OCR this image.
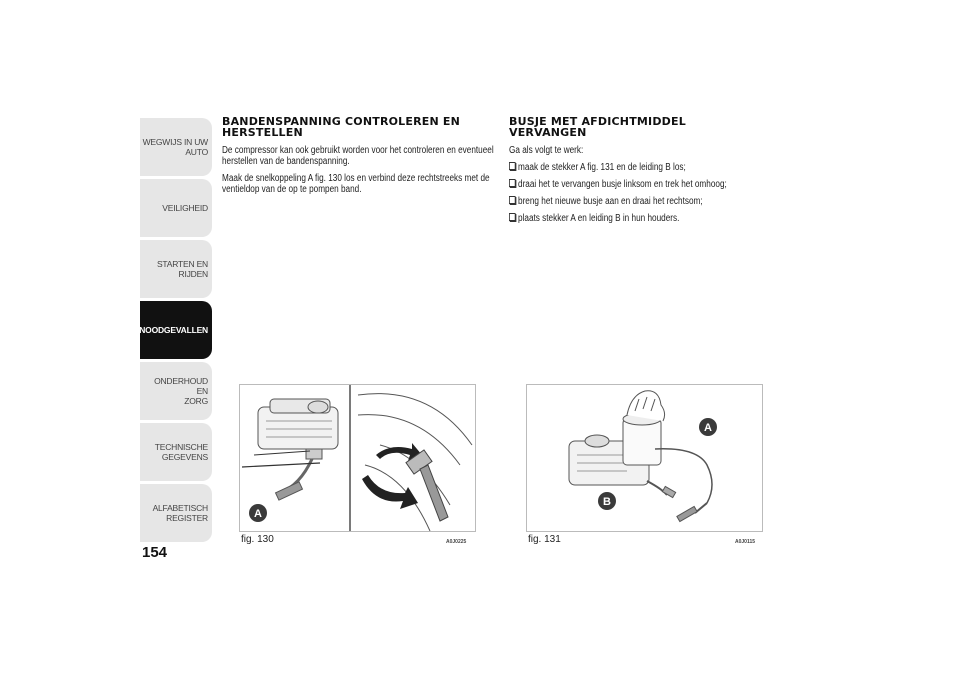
WEGWIJS IN UW
AUTO
VEILIGHEID
STARTEN EN RIJDEN
NOODGEVALLEN
ONDERHOUD EN
ZORG
TECHNISCHE
GEGEVENS
ALFABETISCH
REGISTER
154
BANDENSPANNING CONTROLEREN EN
HERSTELLEN
De compressor kan ook gebruikt worden voor het controleren en eventueel herstellen van de bandenspanning.
Maak de snelkoppeling A fig. 130 los en verbind deze rechtstreeks met de ventieldop van de op te pompen band.
BUSJE MET AFDICHTMIDDEL
VERVANGEN
Ga als volgt te werk:
maak de stekker A fig. 131 en de leiding B los;
draai het te vervangen busje linksom en trek het omhoog;
breng het nieuwe busje aan en draai het rechtsom;
plaats stekker A en leiding B in hun houders.
A
fig. 130	A0J0225
A
B
fig. 131	A0J0115
